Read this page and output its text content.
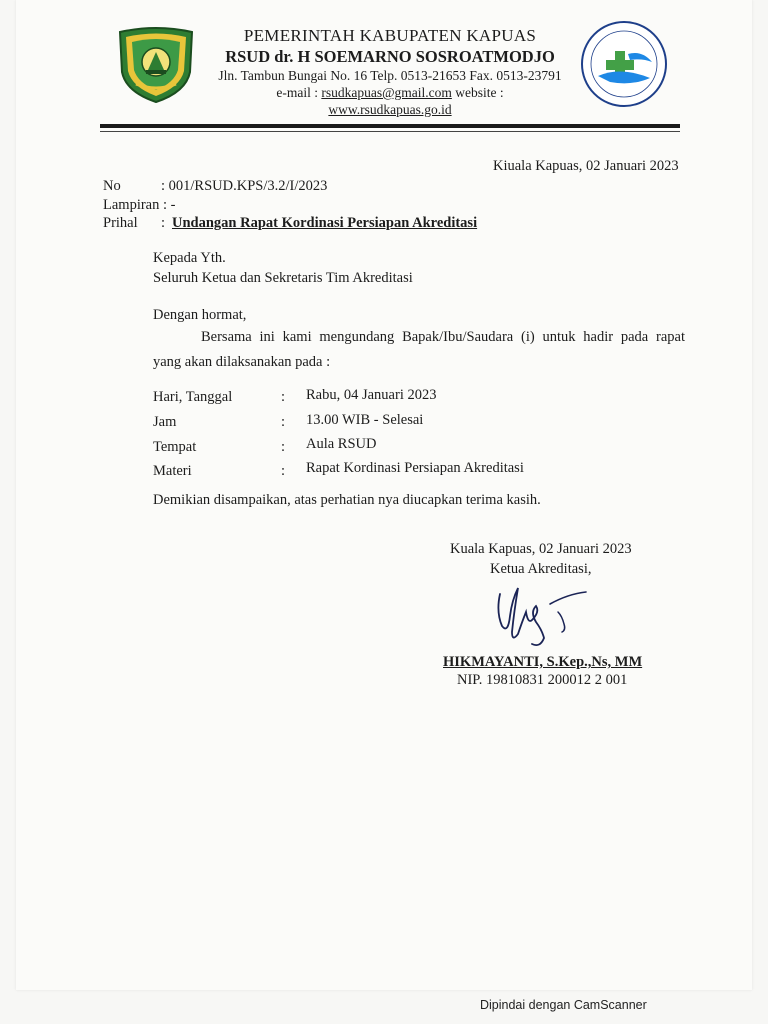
PEMERINTAH KABUPATEN KAPUAS
RSUD dr. H SOEMARNO SOSROATMODJO
Jln. Tambun Bungai No. 16 Telp. 0513-21653 Fax. 0513-23791
e-mail : rsudkapuas@gmail.com website :
www.rsudkapuas.go.id
Kiuala Kapuas, 02 Januari 2023
No	: 001/RSUD.KPS/3.2/I/2023
Lampiran : -
Prihal : Undangan Rapat Kordinasi Persiapan Akreditasi
Kepada Yth.
Seluruh Ketua dan Sekretaris Tim Akreditasi
Dengan hormat,
Bersama ini kami mengundang Bapak/Ibu/Saudara (i) untuk hadir pada rapat
yang akan dilaksanakan pada :
Hari, Tanggal	: Rabu, 04 Januari 2023
Jam	: 13.00 WIB - Selesai
Tempat	: Aula RSUD
Materi	: Rapat Kordinasi Persiapan Akreditasi
Demikian disampaikan, atas perhatian nya diucapkan terima kasih.
Kuala Kapuas, 02 Januari 2023
Ketua Akreditasi,
HIKMAYANTI, S.Kep.,Ns, MM
NIP. 19810831 200012 2 001
Dipindai dengan CamScanner
